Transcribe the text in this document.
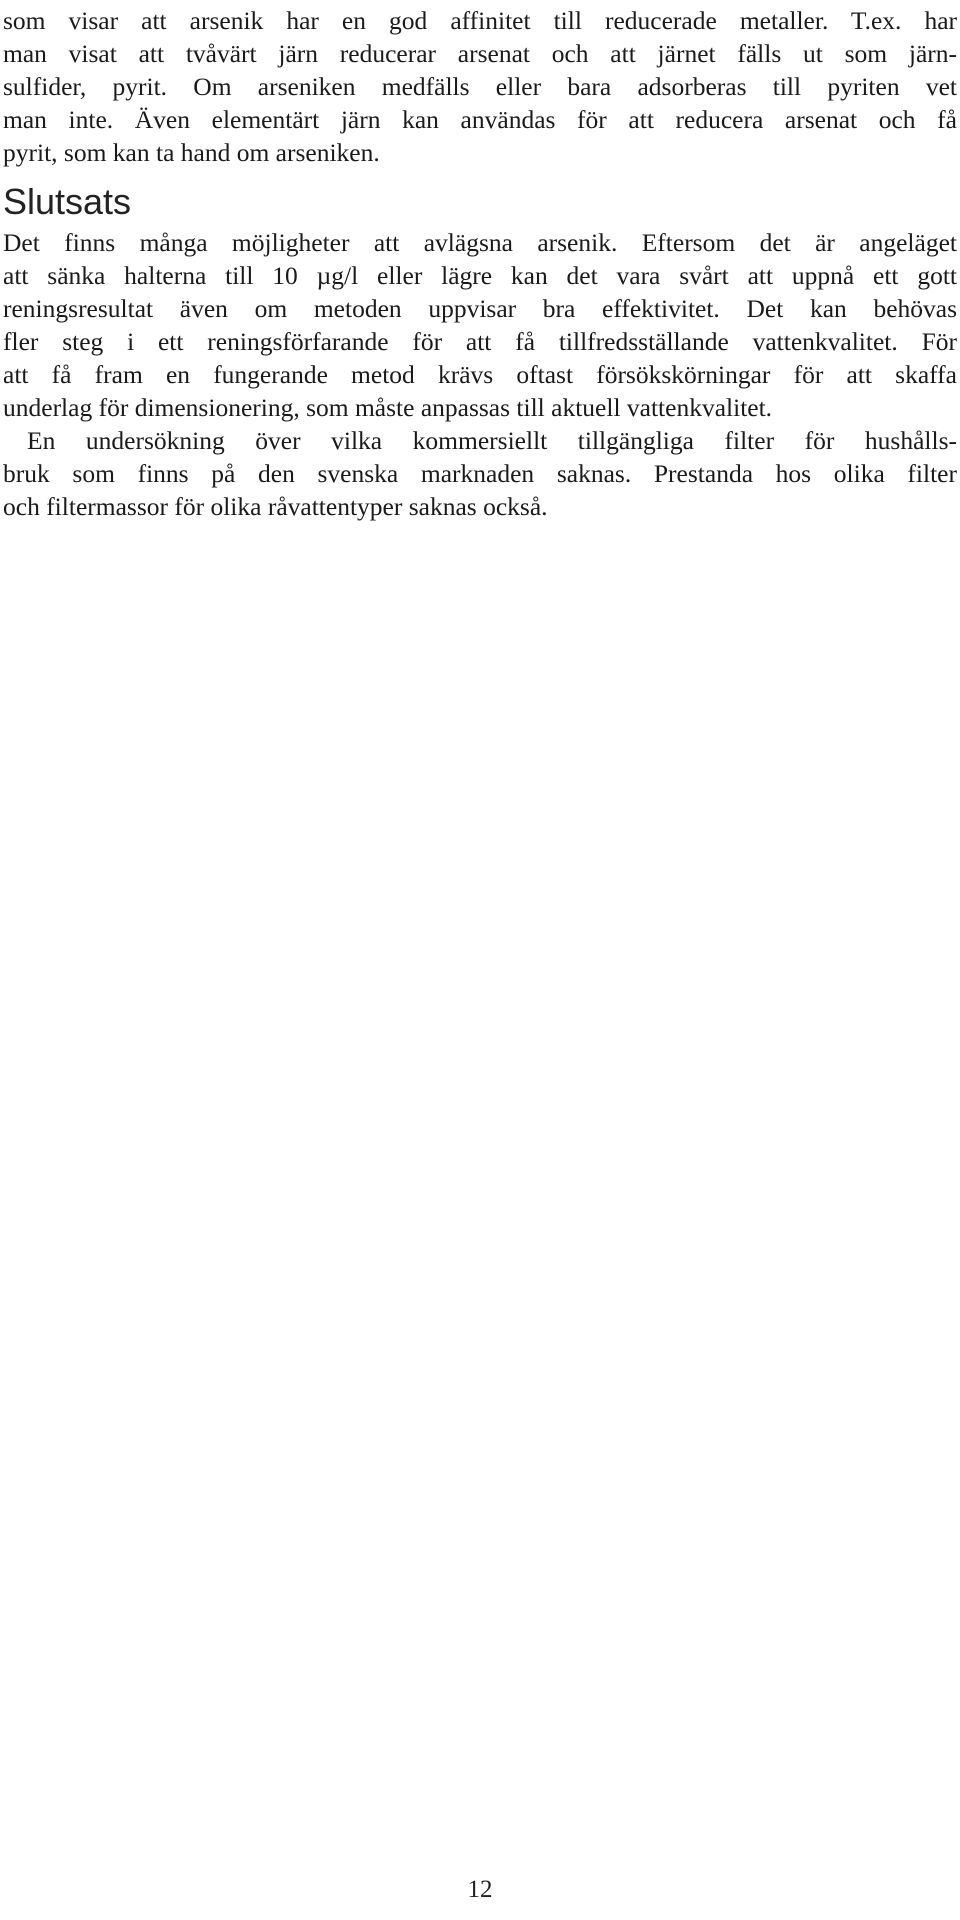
som visar att arsenik har en god affinitet till reducerade metaller. T.ex. har
man visat att tvåvärt järn reducerar arsenat och att järnet fälls ut som järn-
sulfider, pyrit. Om arseniken medfälls eller bara adsorberas till pyriten vet
man inte. Även elementärt järn kan användas för att reducera arsenat och få
pyrit, som kan ta hand om arseniken.
Slutsats
Det finns många möjligheter att avlägsna arsenik. Eftersom det är angeläget
att sänka halterna till 10 µg/l eller lägre kan det vara svårt att uppnå ett gott
reningsresultat även om metoden uppvisar bra effektivitet. Det kan behövas
fler steg i ett reningsförfarande för att få tillfredsställande vattenkvalitet. För
att få fram en fungerande metod krävs oftast försökskörningar för att skaffa
underlag för dimensionering, som måste anpassas till aktuell vattenkvalitet.
En undersökning över vilka kommersiellt tillgängliga filter för hushålls-
bruk som finns på den svenska marknaden saknas. Prestanda hos olika filter
och filtermassor för olika råvattentyper saknas också.
12
